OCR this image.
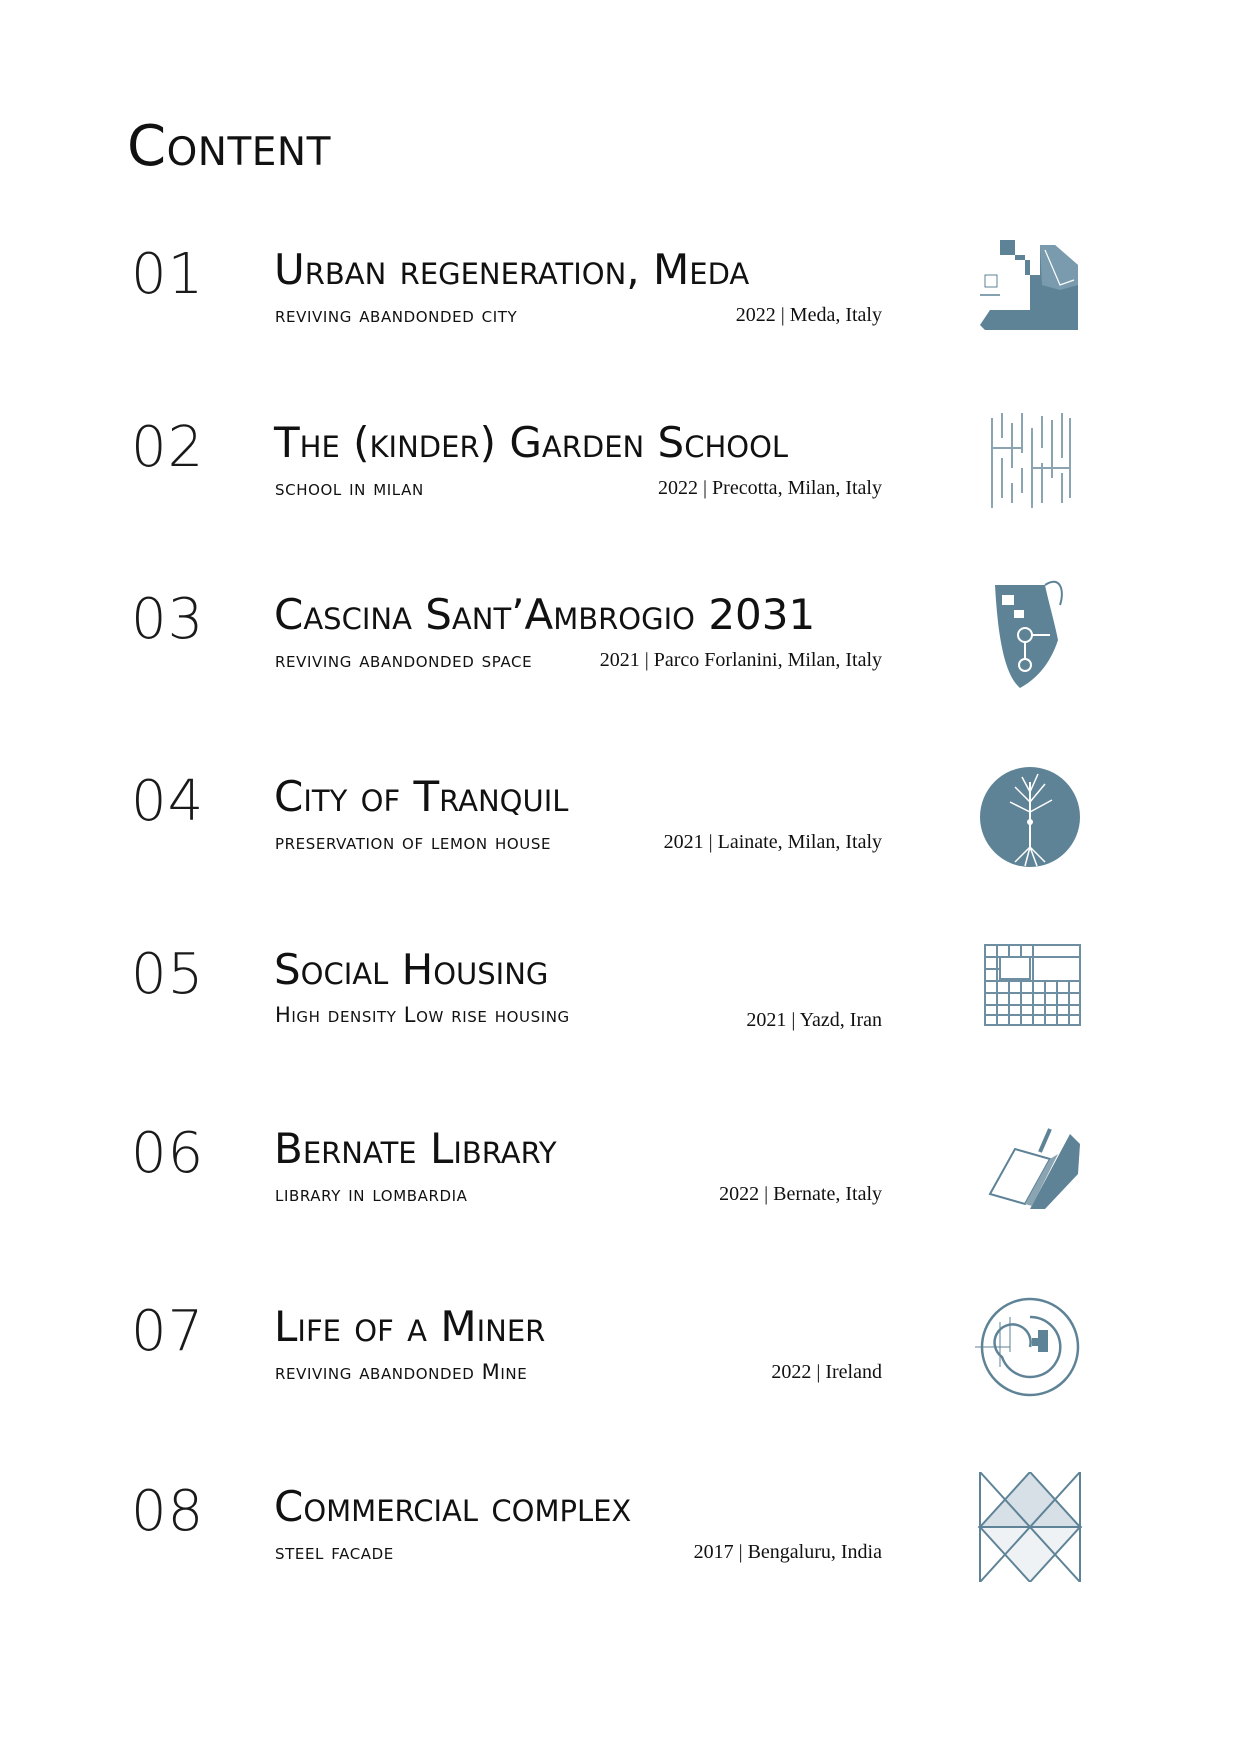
Content
01 Urban regeneration, Meda
reviving abandonded city	2022 | Meda, Italy
02 The (kinder) Garden School
school in milan	2022 | Precotta, Milan, Italy
03 Cascina Sant’Ambrogio 2031
reviving abandonded space	2021 | Parco Forlanini, Milan, Italy
04 City of Tranquil
preservation of lemon house	2021 | Lainate, Milan, Italy
05 Social Housing
High density Low rise housing	2021 | Yazd, Iran
06 Bernate Library
library in lombardia	2022 | Bernate, Italy
07 Life of a Miner
reviving abandonded Mine	2022 | Ireland
08 Commercial complex
steel facade	2017 | Bengaluru, India
